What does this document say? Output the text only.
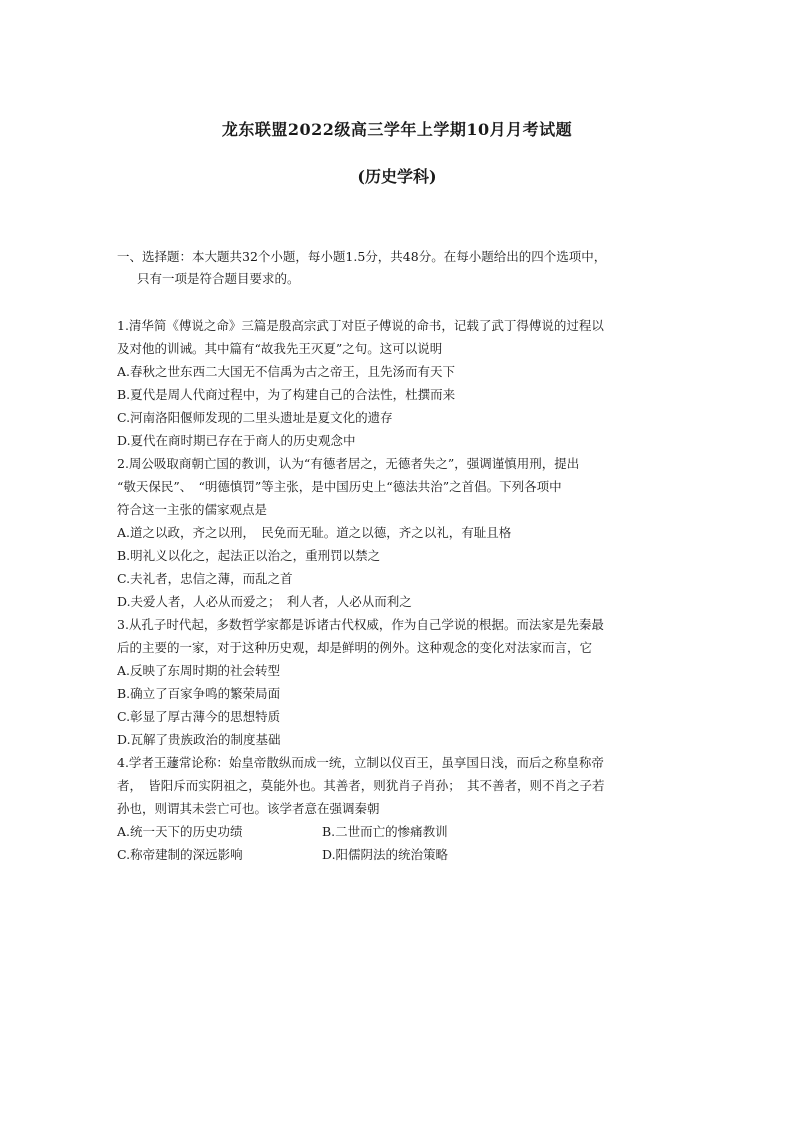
龙东联盟2022级高三学年上学期10月月考试题
(历史学科)
一、选择题：本大题共32个小题，每小题1.5分，共48分。在每小题给出的四个选项中，
只有一项是符合题目要求的。
1.清华简《傅说之命》三篇是殷高宗武丁对臣子傅说的命书，记载了武丁得傅说的过程以
及对他的训诫。其中篇有“故我先王灭夏”之句。这可以说明
A.春秋之世东西二大国无不信禹为古之帝王，且先汤而有天下
B.夏代是周人代商过程中，为了构建自己的合法性，杜撰而来
C.河南洛阳偃师发现的二里头遗址是夏文化的遗存
D.夏代在商时期已存在于商人的历史观念中
2.周公吸取商朝亡国的教训，认为“有德者居之，无德者失之”，强调谨慎用刑，提出
“敬天保民”、　“明德慎罚”等主张，是中国历史上“德法共治”之首倡。下列各项中
符合这一主张的儒家观点是
A.道之以政，齐之以刑，　民免而无耻。道之以德，齐之以礼，有耻且格
B.明礼义以化之，起法正以治之，重刑罚以禁之
C.夫礼者，忠信之薄，而乱之首
D.夫爱人者，人必从而爱之；　利人者，人必从而利之
3.从孔子时代起，多数哲学家都是诉诸古代权威，作为自己学说的根据。而法家是先秦最
后的主要的一家，对于这种历史观，却是鲜明的例外。这种观念的变化对法家而言，它
A.反映了东周时期的社会转型
B.确立了百家争鸣的繁荣局面
C.彰显了厚古薄今的思想特质
D.瓦解了贵族政治的制度基础
4.学者王蘧常论称：始皇帝散纵而成一统，立制以仪百王，虽享国日浅，而后之称皇称帝
者，　皆阳斥而实阴祖之，莫能外也。其善者，则犹肖子肖孙；　其不善者，则不肖之子若
孙也，则谓其未尝亡可也。该学者意在强调秦朝
A.统一天下的历史功绩	B.二世而亡的惨痛教训
C.称帝建制的深远影响	D.阳儒阴法的统治策略
